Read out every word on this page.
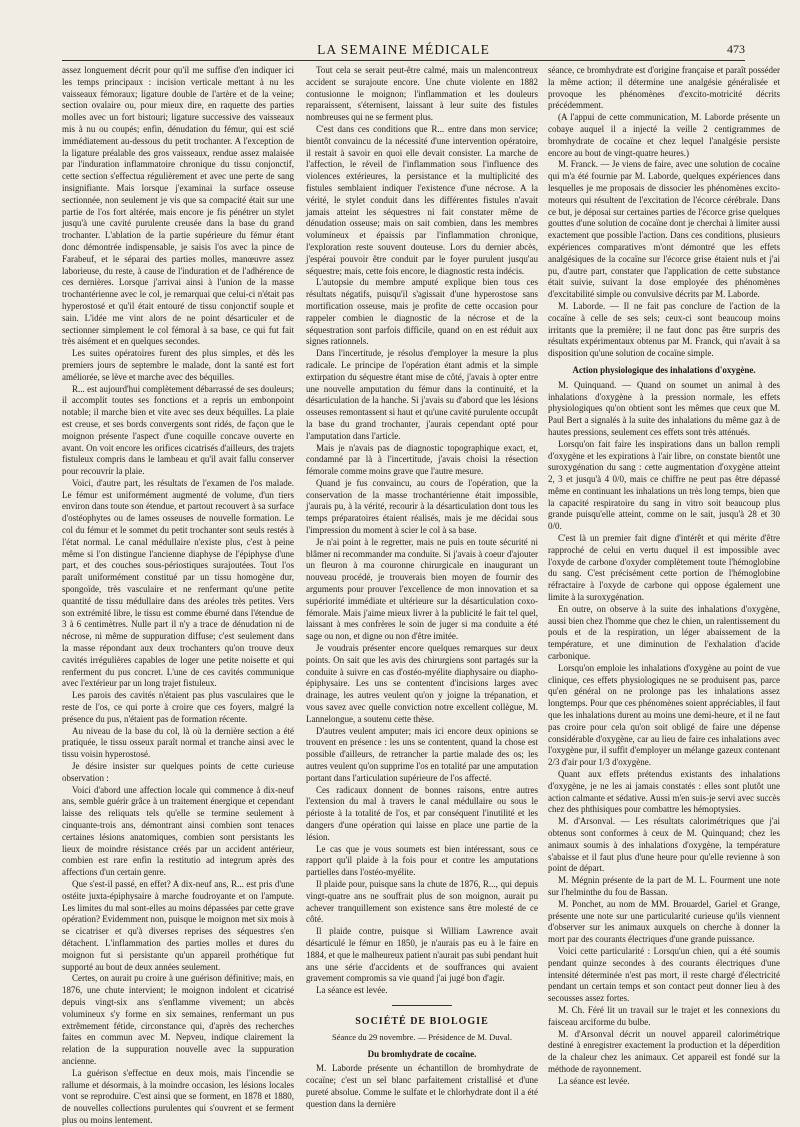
LA SEMAINE MÉDICALE	473

assez longuement décrit pour qu'il me suffise d'en indiquer ici les temps principaux : incision verticale mettant à nu les vaisseaux fémoraux; ligature double de l'artère et de la veine; section ovalaire ou, pour mieux dire, en raquette des parties molles avec un fort bistouri; ligature successive des vaisseaux mis à nu ou coupés; enfin, dénudation du fémur, qui est scié immédiatement au-dessous du petit trochanter. A l'exception de la ligature préalable des gros vaisseaux, rendue assez malaisée par l'induration inflammatoire chronique du tissu conjonctif, cette section s'effectua régulièrement et avec une perte de sang insignifiante. Mais lorsque j'examinai la surface osseuse sectionnée, non seulement je vis que sa compacité était sur une partie de l'os fort altérée, mais encore je fis pénétrer un stylet jusqu'à une cavité purulente creusée dans la base du grand trochanter. L'ablation de la partie supérieure du fémur étant donc démontrée indispensable, je saisis l'os avec la pince de Farabeuf, et le séparai des parties molles, manœuvre assez laborieuse, du reste, à cause de l'induration et de l'adhérence de ces dernières. Lorsque j'arrivai ainsi à l'union de la masse trochantérienne avec le col, je remarquai que celui-ci n'était pas hyperostosé et qu'il était entouré de tissu conjonctif souple et sain. L'idée me vint alors de ne point désarticuler et de sectionner simplement le col fémoral à sa base, ce qui fut fait très aisément et en quelques secondes.

Les suites opératoires furent des plus simples, et dès les premiers jours de septembre le malade, dont la santé est fort améliorée, se lève et marche avec des béquilles.

R... est aujourd'hui complètement débarrassé de ses douleurs; il accomplit toutes ses fonctions et a repris un embonpoint notable; il marche bien et vite avec ses deux béquilles. La plaie est creuse, et ses bords convergents sont ridés, de façon que le moignon présente l'aspect d'une coquille concave ouverte en avant. On voit encore les orifices cicatrisés d'ailleurs, des trajets fistuleux compris dans le lambeau et qu'il avait fallu conserver pour recouvrir la plaie.

Voici, d'autre part, les résultats de l'examen de l'os malade. Le fémur est uniformément augmenté de volume, d'un tiers environ dans toute son étendue, et partout recouvert à sa surface d'ostéophytes ou de lames osseuses de nouvelle formation. Le col du fémur et le sommet du petit trochanter sont seuls restés à l'état normal. Le canal médullaire n'existe plus, c'est à peine même si l'on distingue l'ancienne diaphyse de l'épiphyse d'une part, et des couches sous-périostiques surajoutées. Tout l'os paraît uniformément constitué par un tissu homogène dur, spongoïde, très vasculaire et ne renfermant qu'une petite quantité de tissu médullaire dans des aréoles très petites. Vers son extrémité libre, le tissu est comme éburné dans l'étendue de 3 à 6 centimètres. Nulle part il n'y a trace de dénudation ni de nécrose, ni même de suppuration diffuse; c'est seulement dans la masse répondant aux deux trochanters qu'on trouve deux cavités irrégulières capables de loger une petite noisette et qui renferment du pus concret. L'une de ces cavités communique avec l'extérieur par un long trajet fistuleux.

Les parois des cavités n'étaient pas plus vasculaires que le reste de l'os, ce qui porte à croire que ces foyers, malgré la présence du pus, n'étaient pas de formation récente.

Au niveau de la base du col, là où la dernière section a été pratiquée, le tissu osseux paraît normal et tranche ainsi avec le tissu voisin hyperostosé.

Je désire insister sur quelques points de cette curieuse observation :

Voici d'abord une affection locale qui commence à dix-neuf ans, semble guérir grâce à un traitement énergique et cependant laisse des reliquats tels qu'elle se termine seulement à cinquante-trois ans, démontrant ainsi combien sont tenaces certaines lésions anatomiques, combien sont persistants les lieux de moindre résistance créés par un accident antérieur, combien est rare enfin la restitutio ad integrum après des affections d'un certain genre.

Que s'est-il passé, en effet? A dix-neuf ans, R... est pris d'une ostéite juxta-épiphysaire à marche foudroyante et on l'ampute. Les limites du mal sont-elles au moins dépassées par cette grave opération? Evidemment non, puisque le moignon met six mois à se cicatriser et qu'à diverses reprises des séquestres s'en détachent. L'inflammation des parties molles et dures du moignon fut si persistante qu'un appareil prothétique fut supporté au bout de deux années seulement.

Certes, on aurait pu croire à une guérison définitive; mais, en 1876, une chute intervient; le moignon indolent et cicatrisé depuis vingt-six ans s'enflamme vivement; un abcès volumineux s'y forme en six semaines, renfermant un pus extrêmement fétide, circonstance qui, d'après des recherches faites en commun avec M. Nepveu, indique clairement la relation de la suppuration nouvelle avec la suppuration ancienne.

La guérison s'effectue en deux mois, mais l'incendie se rallume et désormais, à la moindre occasion, les lésions locales vont se reproduire. C'est ainsi que se forment, en 1878 et 1880, de nouvelles collections purulentes qui s'ouvrent et se ferment plus ou moins lentement.

Tout cela se serait peut-être calmé, mais un malencontreux accident se surajoute encore. Une chute violente en 1882 contusionne le moignon; l'inflammation et les douleurs reparaissent, s'éternisent, laissant à leur suite des fistules nombreuses qui ne se ferment plus.

C'est dans ces conditions que R... entre dans mon service; bientôt convaincu de la nécessité d'une intervention opératoire, il restait à savoir en quoi elle devait consister. La marche de l'affection, le réveil de l'inflammation sous l'influence des violences extérieures, la persistance et la multiplicité des fistules semblaient indiquer l'existence d'une nécrose. A la vérité, le stylet conduit dans les différentes fistules n'avait jamais atteint les séquestres ni fait constater même de dénudation osseuse; mais on sait combien, dans les membres volumineux et épaissis par l'inflammation chronique, l'exploration reste souvent douteuse. Lors du dernier abcès, j'espérai pouvoir être conduit par le foyer purulent jusqu'au séquestre; mais, cette fois encore, le diagnostic resta indécis.

L'autopsie du membre amputé explique bien tous ces résultats négatifs, puisqu'il s'agissait d'une hyperostose sans mortification osseuse, mais je profite de cette occasion pour rappeler combien le diagnostic de la nécrose et de la séquestration sont parfois difficile, quand on en est réduit aux signes rationnels.

Dans l'incertitude, je résolus d'employer la mesure la plus radicale. Le principe de l'opération étant admis et la simple extirpation du séquestre étant mise de côté, j'avais à opter entre une nouvelle amputation du fémur dans la continuité, et la désarticulation de la hanche. Si j'avais su d'abord que les lésions osseuses remontassent si haut et qu'une cavité purulente occupât la base du grand trochanter, j'aurais cependant opté pour l'amputation dans l'article.

Mais je n'avais pas de diagnostic topographique exact, et, condamné par là à l'incertitude, j'avais choisi la résection fémorale comme moins grave que l'autre mesure.

Quand je fus convaincu, au cours de l'opération, que la conservation de la masse trochantérienne était impossible, j'aurais pu, à la vérité, recourir à la désarticulation dont tous les temps préparatoires étaient réalisés, mais je me décidai sous l'impression du moment à scier le col à sa base.

Je n'ai point à le regretter, mais ne puis en toute sécurité ni blâmer ni recommander ma conduite. Si j'avais à coeur d'ajouter un fleuron à ma couronne chirurgicale en inaugurant un nouveau procédé, je trouverais bien moyen de fournir des arguments pour prouver l'excellence de mon innovation et sa supériorité immédiate et ultérieure sur la désarticulation coxo-fémorale. Mais j'aime mieux livrer à la publicité le fait tel quel, laissant à mes confrères le soin de juger si ma conduite a été sage ou non, et digne ou non d'être imitée.

Je voudrais présenter encore quelques remarques sur deux points. On sait que les avis des chirurgiens sont partagés sur la conduite à suivre en cas d'ostéo-myélite diaphysaire ou diapho-épiphysaire. Les uns se contentent d'incisions larges avec drainage, les autres veulent qu'on y joigne la trépanation, et vous savez avec quelle conviction notre excellent collègue, M. Lannelongue, a soutenu cette thèse.

D'autres veulent amputer; mais ici encore deux opinions se trouvent en présence : les uns se contentent, quand la chose est possible d'ailleurs, de retrancher la partie malade des os; les autres veulent qu'on supprime l'os en totalité par une amputation portant dans l'articulation supérieure de l'os affecté.

Ces radicaux donnent de bonnes raisons, entre autres l'extension du mal à travers le canal médullaire ou sous le périoste à la totalité de l'os, et par conséquent l'inutilité et les dangers d'une opération qui laisse en place une partie de la lésion.

Le cas que je vous soumets est bien intéressant, sous ce rapport qu'il plaide à la fois pour et contre les amputations partielles dans l'ostéo-myélite.

Il plaide pour, puisque sans la chute de 1876, R..., qui depuis vingt-quatre ans ne souffrait plus de son moignon, aurait pu achever tranquillement son existence sans être molesté de ce côté.

Il plaide contre, puisque si William Lawrence avait désarticulé le fémur en 1850, je n'aurais pas eu à le faire en 1884, et que le malheureux patient n'aurait pas subi pendant huit ans une série d'accidents et de souffrances qui avaient gravement compromis sa vie quand j'ai jugé bon d'agir.

La séance est levée.

SOCIÉTÉ DE BIOLOGIE

Séance du 29 novembre. — Présidence de M. Duval.

Du bromhydrate de cocaïne.

M. Laborde présente un échantillon de bromhydrate de cocaïne; c'est un sel blanc parfaitement cristallisé et d'une pureté absolue. Comme le sulfate et le chlorhydrate dont il a été question dans la dernière

séance, ce bromhydrate est d'origine française et paraît posséder la même action; il détermine une analgésie généralisée et provoque les phénomènes d'excito-motricité décrits précédemment.

(A l'appui de cette communication, M. Laborde présente un cobaye auquel il a injecté la veille 2 centigrammes de bromhydrate de cocaïne et chez lequel l'analgésie persiste encore au bout de vingt-quatre heures.)

M. Franck. — Je viens de faire, avec une solution de cocaïne qui m'a été fournie par M. Laborde, quelques expériences dans lesquelles je me proposais de dissocier les phénomènes excito-moteurs qui résultent de l'excitation de l'écorce cérébrale. Dans ce but, je déposai sur certaines parties de l'écorce grise quelques gouttes d'une solution de cocaïne dont je cherchai à limiter aussi exactement que possible l'action. Dans ces conditions, plusieurs expériences comparatives m'ont démontré que les effets analgésiques de la cocaïne sur l'écorce grise étaient nuls et j'ai pu, d'autre part, constater que l'application de cette substance était suivie, suivant la dose employée des phénomènes d'excitabilité simple ou convulsive décrits par M. Laborde.

M. Laborde. — Il ne fait pas conclure de l'action de la cocaïne à celle de ses sels; ceux-ci sont beaucoup moins irritants que la première; il ne faut donc pas être surpris des résultats expérimentaux obtenus par M. Franck, qui n'avait à sa disposition qu'une solution de cocaïne simple.

Action physiologique des inhalations d'oxygène.

M. Quinquand. — Quand on soumet un animal à des inhalations d'oxygène à la pression normale, les effets physiologiques qu'on obtient sont les mêmes que ceux que M. Paul Bert a signalés à la suite des inhalations du même gaz à de hautes pressions, seulement ces effets sont très atténués.

Lorsqu'on fait faire les inspirations dans un ballon rempli d'oxygène et les expirations à l'air libre, on constate bientôt une suroxygénation du sang : cette augmentation d'oxygène atteint 2, 3 et jusqu'à 4 0/0, mais ce chiffre ne peut pas être dépassé même en continuant les inhalations un très long temps, bien que la capacité respiratoire du sang in vitro soit beaucoup plus grande puisqu'elle atteint, comme on le sait, jusqu'à 28 et 30 0/0.

C'est là un premier fait digne d'intérêt et qui mérite d'être rapproché de celui en vertu duquel il est impossible avec l'oxyde de carbone d'oxyder complètement toute l'hémoglobine du sang. C'est précisément cette portion de l'hémoglobine réfractaire à l'oxyde de carbone qui oppose également une limite à la suroxygénation.

En outre, on observe à la suite des inhalations d'oxygène, aussi bien chez l'homme que chez le chien, un ralentissement du pouls et de la respiration, un léger abaissement de la température, et une diminution de l'exhalation d'acide carbonique.

Lorsqu'on emploie les inhalations d'oxygène au point de vue clinique, ces effets physiologiques ne se produisent pas, parce qu'en général on ne prolonge pas les inhalations assez longtemps. Pour que ces phénomènes soient appréciables, il faut que les inhalations durent au moins une demi-heure, et il ne faut pas croire pour cela qu'on soit obligé de faire une dépense considérable d'oxygène, car au lieu de faire ces inhalations avec l'oxygène pur, il suffit d'employer un mélange gazeux contenant 2/3 d'air pour 1/3 d'oxygène.

Quant aux effets prétendus existants des inhalations d'oxygène, je ne les ai jamais constatés : elles sont plutôt une action calmante et sédative. Aussi m'en suis-je servi avec succès chez des phthisiques pour combattre les hémoptysies.

M. d'Arsonval. — Les résultats calorimétriques que j'ai obtenus sont conformes à ceux de M. Quinquand; chez les animaux soumis à des inhalations d'oxygène, la température s'abaisse et il faut plus d'une heure pour qu'elle revienne à son point de départ.

M. Mégnin présente de la part de M. L. Fourment une note sur l'helminthe du fou de Bassan.

M. Ponchet, au nom de MM. Brouardel, Gariel et Grange, présente une note sur une particularité curieuse qu'ils viennent d'observer sur les animaux auxquels on cherche à donner la mort par des courants électriques d'une grande puissance.

Voici cette particularité : Lorsqu'un chien, qui a été soumis pendant quinze secondes à des courants électriques d'une intensité déterminée n'est pas mort, il reste chargé d'électricité pendant un certain temps et son contact peut donner lieu à des secousses assez fortes.

M. Ch. Féré lit un travail sur le trajet et les connexions du faisceau arciforme du bulbe.

M. d'Arsonval décrit un nouvel appareil calorimétrique destiné à enregistrer exactement la production et la déperdition de la chaleur chez les animaux. Cet appareil est fondé sur la méthode de rayonnement.

La séance est levée.
